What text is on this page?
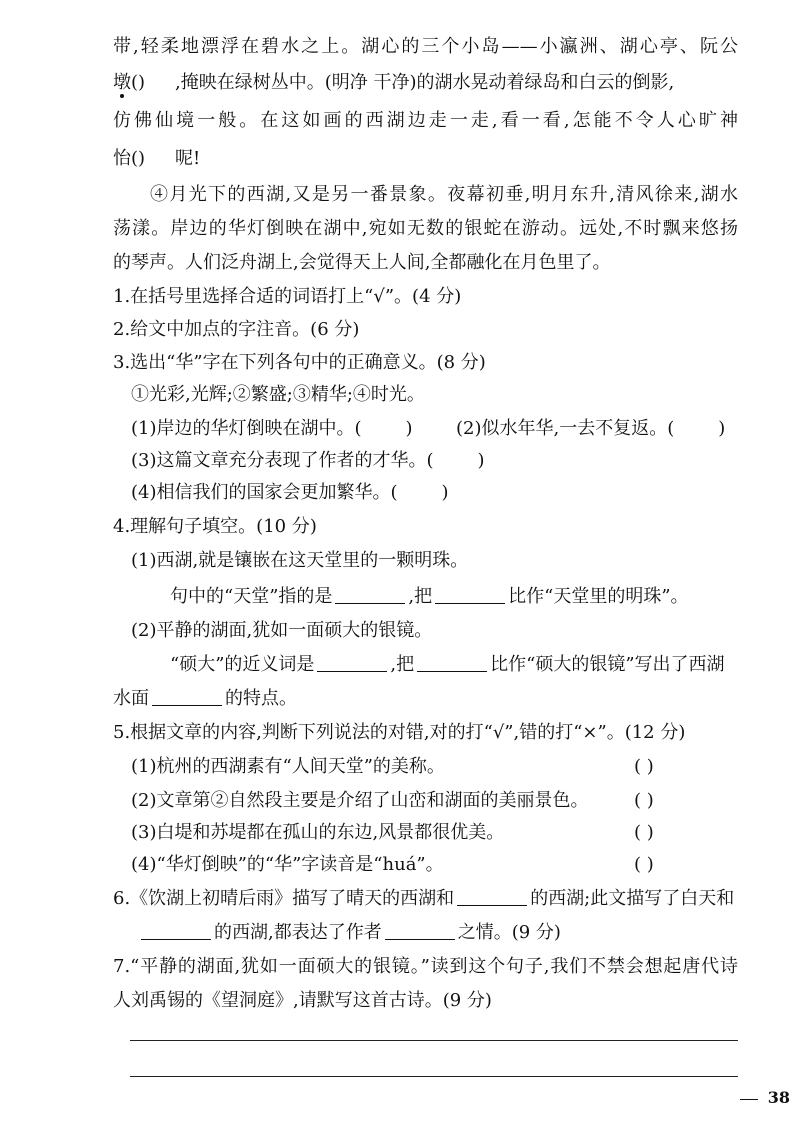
带,轻柔地漂浮在碧水之上。湖心的三个小岛——小瀛洲、湖心亭、阮公
墩 ( ) ,掩映在绿树丛中。(明净 干净)的湖水晃动着绿岛和白云的倒影,
仿佛仙境一般。在这如画的西湖边走一走,看一看,怎能不令人心旷神
怡 ( ) 呢!
④月光下的西湖,又是另一番景象。夜幕初垂,明月东升,清风徐来,湖水
荡漾。岸边的华灯倒映在湖中,宛如无数的银蛇在游动。远处,不时飘来悠扬
的琴声。人们泛舟湖上,会觉得天上人间,全都融化在月色里了。
1.在括号里选择合适的词语打上“√”。(4 分)
2.给文中加点的字注音。(6 分)
3.选出“华”字在下列各句中的正确意义。(8 分)
①光彩,光辉;②繁盛;③精华;④时光。
(1)岸边的华灯倒映在湖中。( ) (2)似水年华,一去不复返。( )
(3)这篇文章充分表现了作者的才华。( )
(4)相信我们的国家会更加繁华。( )
4.理解句子填空。(10 分)
(1)西湖,就是镶嵌在这天堂里的一颗明珠。
句中的“天堂”指的是	,把	比作“天堂里的明珠”。
(2)平静的湖面,犹如一面硕大的银镜。
“硕大”的近义词是	,把	比作“硕大的银镜”写出了西湖
水面	的特点。
5.根据文章的内容,判断下列说法的对错,对的打“√”,错的打“×”。(12 分)
(1)杭州的西湖素有“人间天堂”的美称。	( )
(2)文章第②自然段主要是介绍了山峦和湖面的美丽景色。	( )
(3)白堤和苏堤都在孤山的东边,风景都很优美。	( )
(4)“华灯倒映”的“华”字读音是“huá”。	( )
6.《饮湖上初晴后雨》描写了晴天的西湖和	的西湖;此文描写了白天和
的西湖,都表达了作者	之情。(9 分)
7.“平静的湖面,犹如一面硕大的银镜。”读到这个句子,我们不禁会想起唐代诗
人刘禹锡的《望洞庭》,请默写这首古诗。(9 分)
38
